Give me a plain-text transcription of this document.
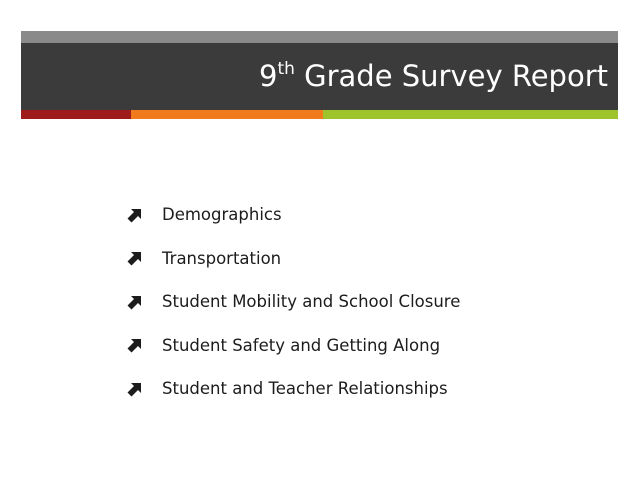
9th Grade Survey Report
Demographics
Transportation
Student Mobility and School Closure
Student Safety and Getting Along
Student and Teacher Relationships
